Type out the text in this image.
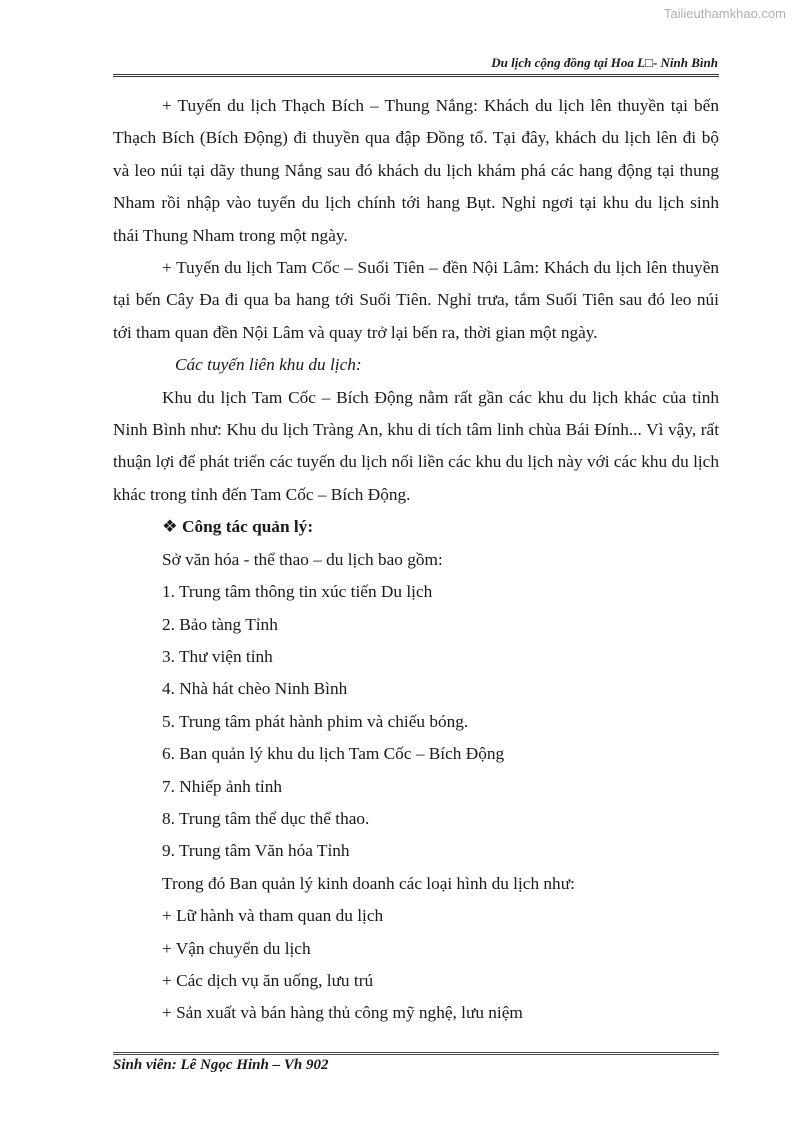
Tailieuthamkhao.com
Du lịch cộng đồng tại Hoa L□- Ninh Bình

+ Tuyến du lịch Thạch Bích – Thung Nắng: Khách du lịch lên thuyền tại bến Thạch Bích (Bích Động) đi thuyền qua đập Đồng tổ. Tại đây, khách du lịch lên đi bộ và leo núi tại dãy thung Nắng sau đó khách du lịch khám phá các hang động tại thung Nham rồi nhập vào tuyến du lịch chính tới hang Bụt. Nghỉ ngơi tại khu du lịch sinh thái Thung Nham trong một ngày.

+ Tuyến du lịch Tam Cốc – Suối Tiên – đền Nội Lâm: Khách du lịch lên thuyền tại bến Cây Đa đi qua ba hang tới Suối Tiên. Nghỉ trưa, tắm Suối Tiên sau đó leo núi tới tham quan đền Nội Lâm và quay trở lại bến ra, thời gian một ngày.

Các tuyến liên khu du lịch:

Khu du lịch Tam Cốc – Bích Động nằm rất gần các khu du lịch khác của tỉnh Ninh Bình như: Khu du lịch Tràng An, khu di tích tâm linh chùa Bái Đính... Vì vậy, rất thuận lợi để phát triển các tuyến du lịch nối liền các khu du lịch này với các khu du lịch khác trong tỉnh đến Tam Cốc – Bích Động.

❖ Công tác quản lý:

Sở văn hóa - thể thao – du lịch bao gồm:

1. Trung tâm thông tin xúc tiến Du lịch

2. Bảo tàng Tỉnh

3. Thư viện tỉnh

4. Nhà hát chèo Ninh Bình

5. Trung tâm phát hành phim và chiếu bóng.

6. Ban quản lý khu du lịch Tam Cốc – Bích Động

7. Nhiếp ảnh tỉnh

8. Trung tâm thể dục thể thao.

9. Trung tâm Văn hóa Tỉnh

Trong đó Ban quản lý kinh doanh các loại hình du lịch như:

+ Lữ hành và tham quan du lịch

+ Vận chuyển du lịch

+ Các dịch vụ ăn uống, lưu trú

+ Sản xuất và bán hàng thủ công mỹ nghệ, lưu niệm

Sinh viên: Lê Ngọc Hinh – Vh 902
